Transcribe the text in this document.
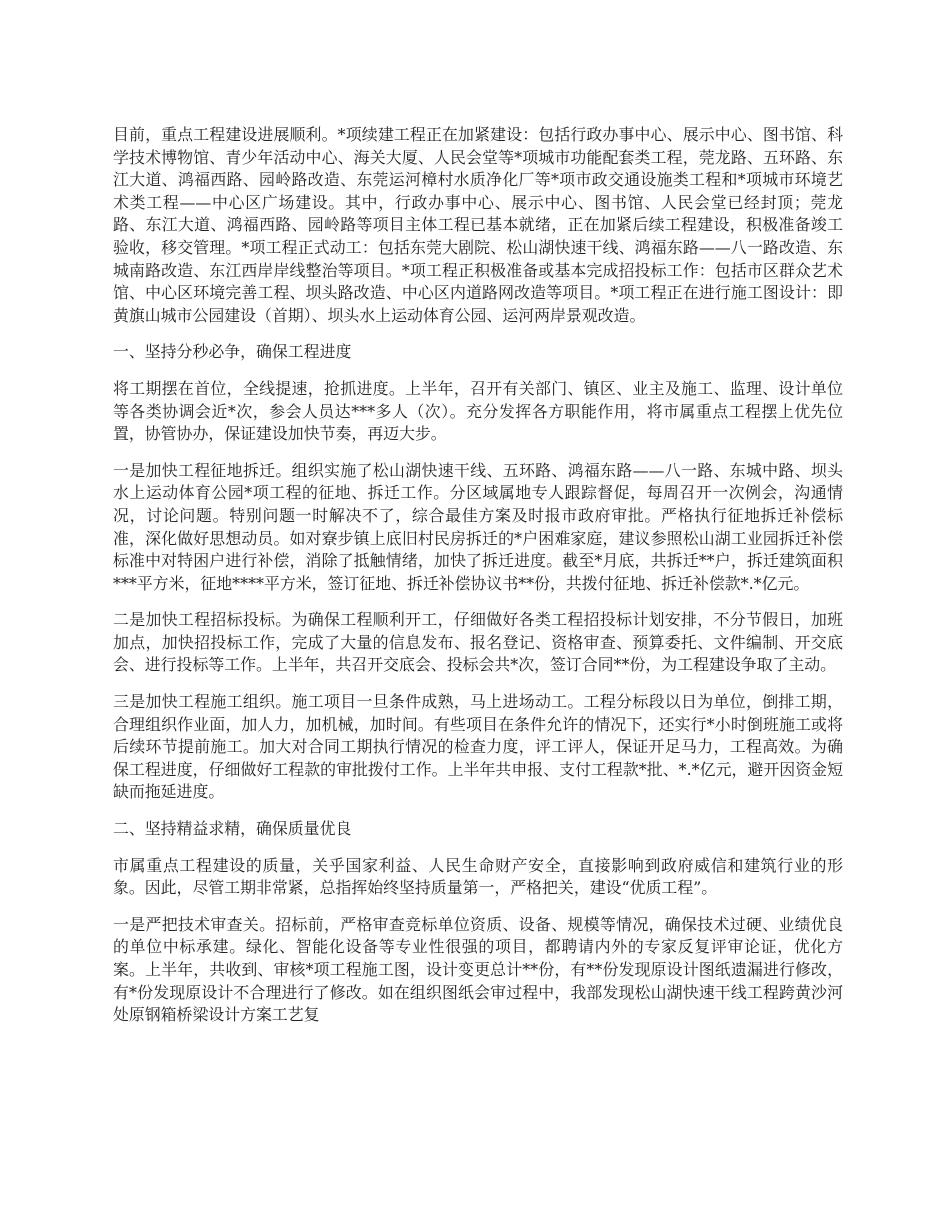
目前，重点工程建设进展顺利。*项续建工程正在加紧建设：包括行政办事中心、展示中心、图书馆、科学技术博物馆、青少年活动中心、海关大厦、人民会堂等*项城市功能配套类工程，莞龙路、五环路、东江大道、鸿福西路、园岭路改造、东莞运河樟村水质净化厂等*项市政交通设施类工程和*项城市环境艺术类工程——中心区广场建设。其中，行政办事中心、展示中心、图书馆、人民会堂已经封顶；莞龙路、东江大道、鸿福西路、园岭路等项目主体工程已基本就绪，正在加紧后续工程建设，积极准备竣工验收，移交管理。*项工程正式动工：包括东莞大剧院、松山湖快速干线、鸿福东路——八一路改造、东城南路改造、东江西岸岸线整治等项目。*项工程正积极准备或基本完成招投标工作：包括市区群众艺术馆、中心区环境完善工程、坝头路改造、中心区内道路网改造等项目。*项工程正在进行施工图设计：即黄旗山城市公园建设（首期）、坝头水上运动体育公园、运河两岸景观改造。

一、坚持分秒必争，确保工程进度

将工期摆在首位，全线提速，抢抓进度。上半年，召开有关部门、镇区、业主及施工、监理、设计单位等各类协调会近*次，参会人员达***多人（次）。充分发挥各方职能作用，将市属重点工程摆上优先位置，协管协办，保证建设加快节奏，再迈大步。

一是加快工程征地拆迁。组织实施了松山湖快速干线、五环路、鸿福东路——八一路、东城中路、坝头水上运动体育公园*项工程的征地、拆迁工作。分区域属地专人跟踪督促，每周召开一次例会，沟通情况，讨论问题。特别问题一时解决不了，综合最佳方案及时报市政府审批。严格执行征地拆迁补偿标准，深化做好思想动员。如对寮步镇上底旧村民房拆迁的*户困难家庭，建议参照松山湖工业园拆迁补偿标准中对特困户进行补偿，消除了抵触情绪，加快了拆迁进度。截至*月底，共拆迁**户，拆迁建筑面积***平方米，征地****平方米，签订征地、拆迁补偿协议书**份，共拨付征地、拆迁补偿款*.*亿元。

二是加快工程招标投标。为确保工程顺利开工，仔细做好各类工程招投标计划安排，不分节假日，加班加点，加快招投标工作，完成了大量的信息发布、报名登记、资格审查、预算委托、文件编制、开交底会、进行投标等工作。上半年，共召开交底会、投标会共*次，签订合同**份，为工程建设争取了主动。

三是加快工程施工组织。施工项目一旦条件成熟，马上进场动工。工程分标段以日为单位，倒排工期，合理组织作业面，加人力，加机械，加时间。有些项目在条件允许的情况下，还实行*小时倒班施工或将后续环节提前施工。加大对合同工期执行情况的检查力度，评工评人，保证开足马力，工程高效。为确保工程进度，仔细做好工程款的审批拨付工作。上半年共申报、支付工程款*批、*.*亿元，避开因资金短缺而拖延进度。

二、坚持精益求精，确保质量优良

市属重点工程建设的质量，关乎国家利益、人民生命财产安全，直接影响到政府威信和建筑行业的形象。因此，尽管工期非常紧，总指挥始终坚持质量第一，严格把关，建设“优质工程”。

一是严把技术审查关。招标前，严格审查竞标单位资质、设备、规模等情况，确保技术过硬、业绩优良的单位中标承建。绿化、智能化设备等专业性很强的项目，都聘请内外的专家反复评审论证，优化方案。上半年，共收到、审核*项工程施工图，设计变更总计**份，有**份发现原设计图纸遗漏进行修改，有*份发现原设计不合理进行了修改。如在组织图纸会审过程中，我部发现松山湖快速干线工程跨黄沙河处原钢箱桥梁设计方案工艺复
